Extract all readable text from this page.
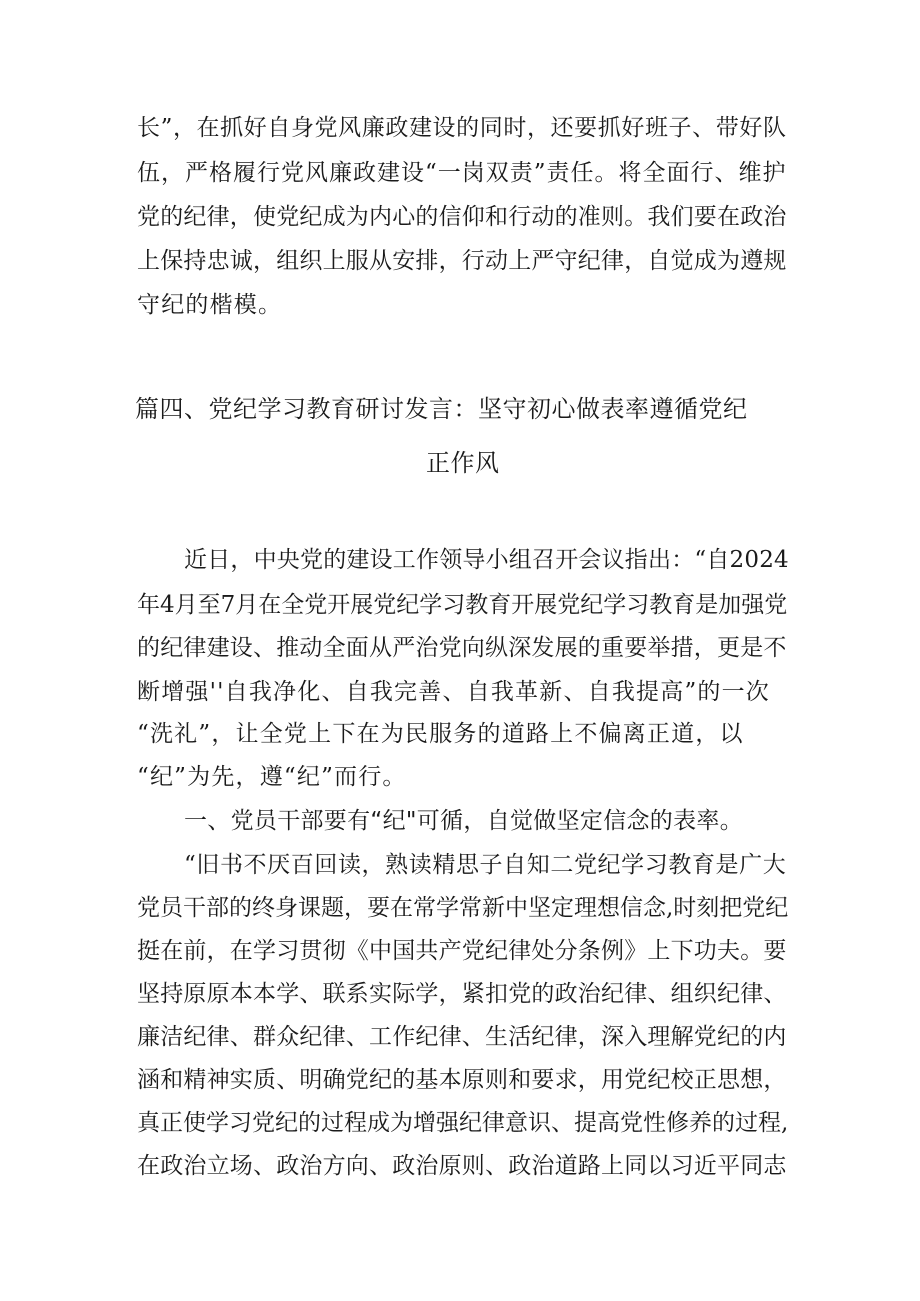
长”，在抓好自身党风廉政建设的同时，还要抓好班子、带好队
伍，严格履行党风廉政建设“一岗双责”责任。将全面行、维护
党的纪律，使党纪成为内心的信仰和行动的准则。我们要在政治
上保持忠诚，组织上服从安排，行动上严守纪律，自觉成为遵规
守纪的楷模。
篇四、党纪学习教育研讨发言：坚守初心做表率遵循党纪
正作风
近日，中央党的建设工作领导小组召开会议指出：“自2024
年4月至7月在全党开展党纪学习教育开展党纪学习教育是加强党
的纪律建设、推动全面从严治党向纵深发展的重要举措，更是不
断增强''自我净化、自我完善、自我革新、自我提高”的一次
“洗礼”，让全党上下在为民服务的道路上不偏离正道，以
“纪”为先，遵“纪”而行。
一、党员干部要有“纪"可循，自觉做坚定信念的表率。
“旧书不厌百回读，熟读精思子自知二党纪学习教育是广大
党员干部的终身课题，要在常学常新中坚定理想信念,时刻把党纪
挺在前，在学习贯彻《中国共产党纪律处分条例》上下功夫。要
坚持原原本本学、联系实际学，紧扣党的政治纪律、组织纪律、
廉洁纪律、群众纪律、工作纪律、生活纪律，深入理解党纪的内
涵和精神实质、明确党纪的基本原则和要求，用党纪校正思想，
真正使学习党纪的过程成为增强纪律意识、提高党性修养的过程,
在政治立场、政治方向、政治原则、政治道路上同以习近平同志
